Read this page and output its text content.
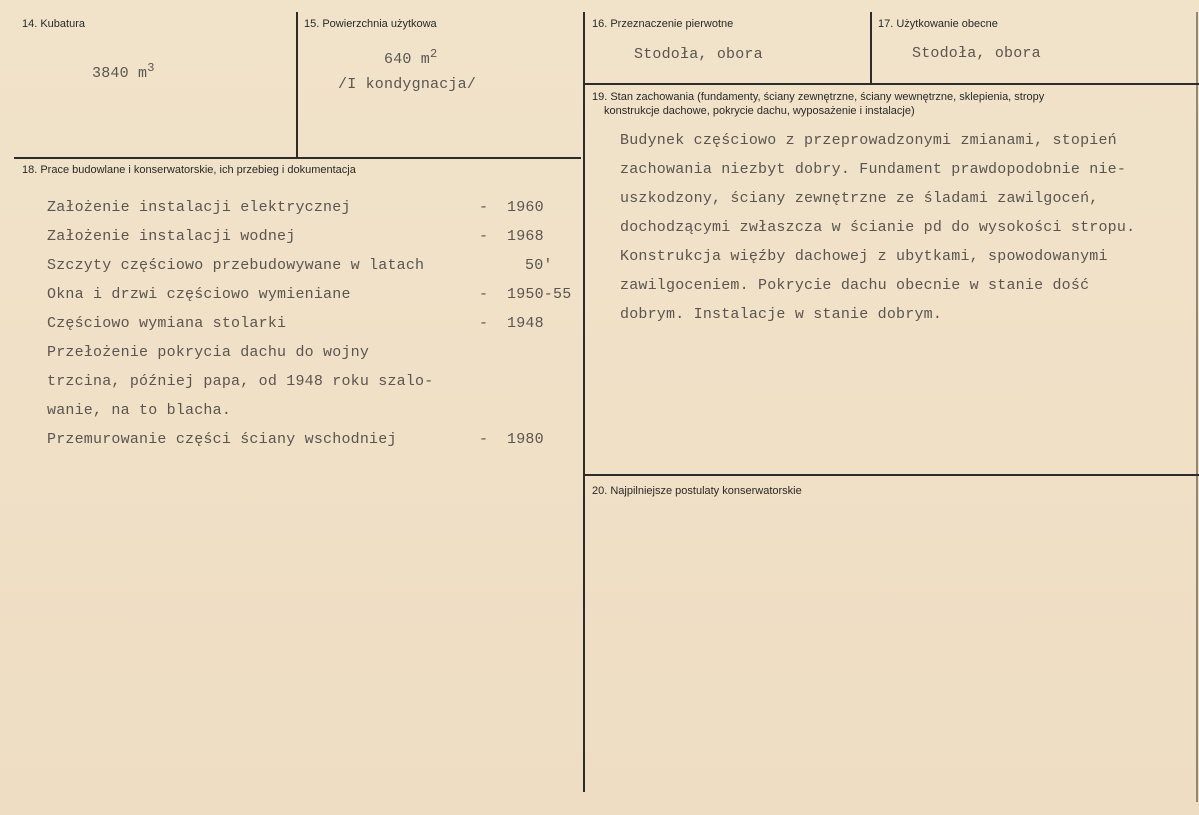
14. Kubatura
3840 $m^3$
15. Powierzchnia użytkowa
640 $m^2$
/I kondygnacja/
16. Przeznaczenie pierwotne
Stodoła, obora
17. Użytkowanie obecne
Stodoła, obora
18. Prace budowlane i konserwatorskie, ich przebieg i dokumentacja
Założenie instalacji elektrycznej	- 1960
Założenie instalacji wodnej	- 1968
Szczyty częściowo przebudowywane w latach	50'
Okna i drzwi częściowo wymieniane	- 1950-55
Częściowo wymiana stolarki	- 1948
Przełożenie pokrycia dachu do wojny
trzcina, później papa, od 1948 roku szalo-
wanie, na to blacha.
Przemurowanie części ściany wschodniej	- 1980
19. Stan zachowania (fundamenty, ściany zewnętrzne, ściany wewnętrzne, sklepienia, stropy
konstrukcje dachowe, pokrycie dachu, wyposażenie i instalacje)
Budynek częściowo z przeprowadzonymi zmianami, stopień
zachowania niezbyt dobry. Fundament prawdopodobnie nie-
uszkodzony, ściany zewnętrzne ze śladami zawilgoceń,
dochodzącymi zwłaszcza w ścianie pd do wysokości stropu.
Konstrukcja więźby dachowej z ubytkami, spowodowanymi
zawilgoceniem. Pokrycie dachu obecnie w stanie dość
dobrym. Instalacje w stanie dobrym.
20. Najpilniejsze postulaty konserwatorskie
